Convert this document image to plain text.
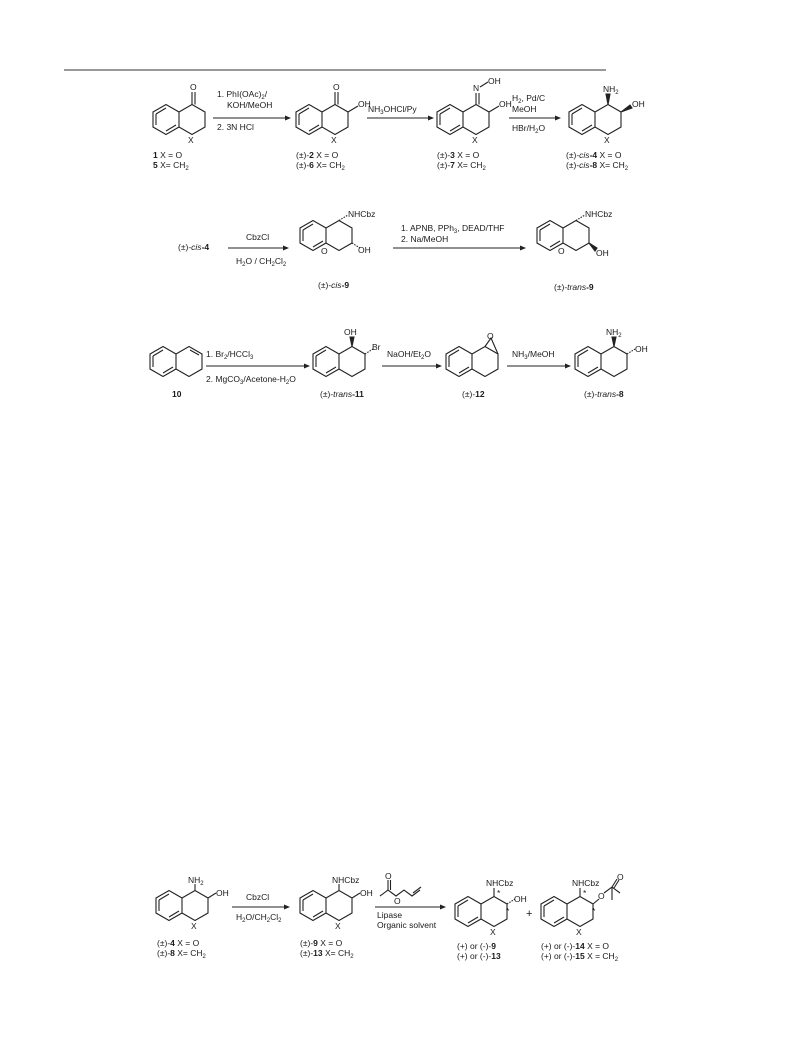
O
X
1 X = O
5 $X= CH_2$
1. $PhI(OAc)_2/$
KOH/MeOH
2. 3N HCl
O
OH
X
(±)-2 X = O
(±)-6 $X= CH_2$
$NH_3OHCl/Py$
N
OH
OH
X
(±)-3 X = O
(±)-7 $X= CH_2$
$H_2$, Pd/C
MeOH
HBr/$H_2O$
$NH_2$
OH
X
(±)-cis-4 X = O
(±)-cis-8 $X= CH_2$
(±)-cis-4
CbzCl
$H_2O / CH_2Cl_2$
NHCbz
O	OH
(±)-cis-9
1. APNB, PPh$_3$, DEAD/THF
2. Na/MeOH
NHCbz
O	OH
(±)-trans-9
10
1. $Br_2/HCCl_3$
2. $MgCO_3/Acetone-H_2O$
OH
Br
(±)-trans-11
NaOH/$Et_2O$
O
(±)-12
$NH_3$/MeOH
$NH_2$
OH
(±)-trans-8
$NH_2$
OH
X
(±)-4 X = O
(±)-8 $X= CH_2$
CbzCl
$H_2O/CH_2Cl_2$
NHCbz
OH
X
(±)-9 X = O
(±)-13 $X= CH_2$
O
O
Lipase
Organic solvent
NHCbz
OH
*
*
X
(+) or (-)-9
(+) or (-)-13
+
NHCbz
O
O
*
*
X
(+) or (-)-14 X = O
(+) or (-)-15 $X = CH_2$
